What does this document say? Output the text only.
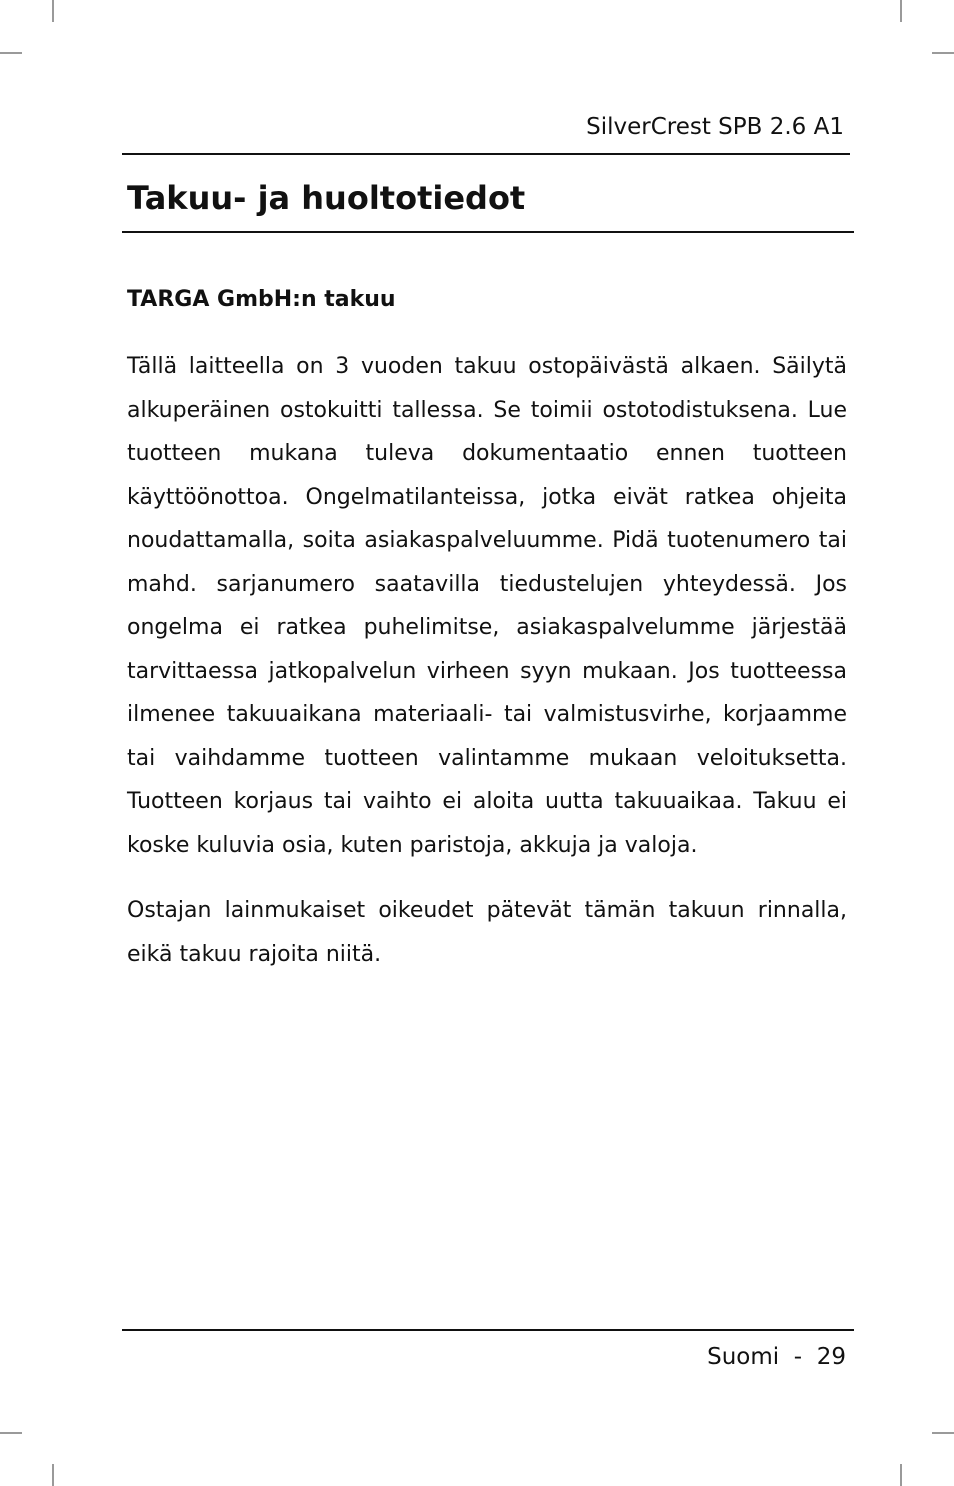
SilverCrest SPB 2.6 A1
Takuu- ja huoltotiedot
TARGA GmbH:n takuu

Tällä laitteella on 3 vuoden takuu ostopäivästä alkaen. Säilytä alkuperäinen ostokuitti tallessa. Se toimii ostotodistuksena. Lue tuotteen mukana tuleva dokumentaatio ennen tuotteen käyttöönottoa. Ongelmatilanteissa, jotka eivät ratkea ohjeita noudattamalla, soita asiakaspalveluumme. Pidä tuotenumero tai mahd. sarjanumero saatavilla tiedustelujen yhteydessä. Jos ongelma ei ratkea puhelimitse, asiakaspalvelumme järjestää tarvittaessa jatkopalvelun virheen syyn mukaan. Jos tuotteessa ilmenee takuuaikana materiaali- tai valmistusvirhe, korjaamme tai vaihdamme tuotteen valintamme mukaan veloituksetta. Tuotteen korjaus tai vaihto ei aloita uutta takuuaikaa. Takuu ei koske kuluvia osia, kuten paristoja, akkuja ja valoja.

Ostajan lainmukaiset oikeudet pätevät tämän takuun rinnalla, eikä takuu rajoita niitä.

Suomi - 29
